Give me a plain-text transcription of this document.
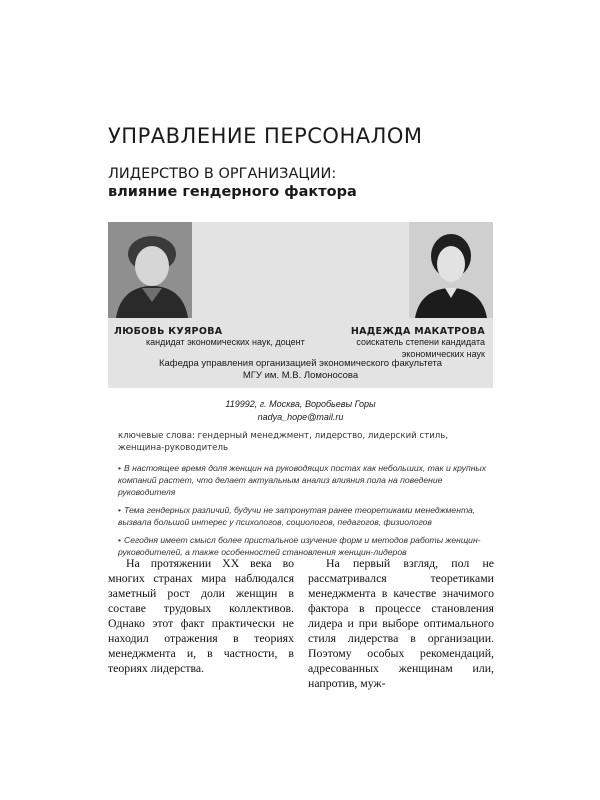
УПРАВЛЕНИЕ ПЕРСОНАЛОМ
ЛИДЕРСТВО В ОРГАНИЗАЦИИ:
влияние гендерного фактора
ЛЮБОВЬ КУЯРОВА
кандидат экономических наук, доцент
НАДЕЖДА МАКАТРОВА
соискатель степени кандидата
экономических наук
Кафедра управления организацией экономического факультета
МГУ им. М.В. Ломоносова
119992, г. Москва, Воробьевы Горы
nadya_hope@mail.ru
ключевые слова: гендерный менеджмент, лидерство, лидерский стиль, женщина-руководитель
• В настоящее время доля женщин на руководящих постах как небольших, так и крупных компаний растет, что делает актуальным анализ влияния пола на поведение руководителя
• Тема гендерных различий, будучи не затронутая ранее теоретиками менеджмента, вызвала большой интерес у психологов, социологов, педагогов, физиологов
• Сегодня имеет смысл более пристальное изучение форм и методов работы женщин-руководителей, а также особенностей становления женщин-лидеров

На протяжении XX века во многих странах мира наблюдался заметный рост доли женщин в составе трудовых коллективов. Однако этот факт практически не находил отражения в теориях менеджмента и, в частности, в теориях лидерства.

На первый взгляд, пол не рассматривался теоретиками менеджмента в качестве значимого фактора в процессе становления лидера и при выборе оптимального стиля лидерства в организации. Поэтому особых рекомендаций, адресованных женщинам или, напротив, муж-
